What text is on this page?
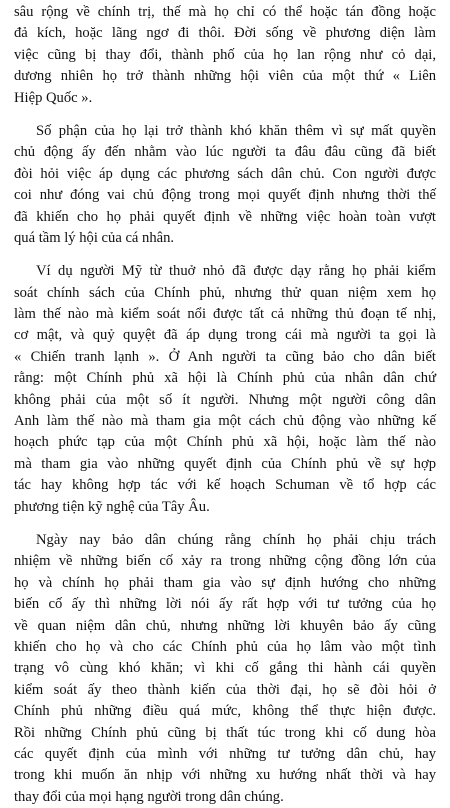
sâu rộng về chính trị, thế mà họ chỉ có thể hoặc tán đồng hoặc
đả kích, hoặc lãng ngơ đi thôi. Đời sống về phương diện làm
việc cũng bị thay đổi, thành phố của họ lan rộng như cỏ dại,
dương nhiên họ trở thành những hội viên của một thứ « Liên
Hiệp Quốc ».
Số phận của họ lại trở thành khó khăn thêm vì sự mất quyền
chủ động ấy đến nhằm vào lúc người ta đâu đâu cũng đã biết
đòi hỏi việc áp dụng các phương sách dân chủ. Con người được
coi như đóng vai chủ động trong mọi quyết định nhưng thời thế
đã khiến cho họ phải quyết định về những việc hoàn toàn vượt
quá tầm lý hội của cá nhân.
Ví dụ người Mỹ từ thuở nhỏ đã được dạy rằng họ phải kiểm
soát chính sách của Chính phủ, nhưng thử quan niệm xem họ
làm thế nào mà kiểm soát nổi được tất cả những thủ đoạn tế nhị,
cơ mật, và quỷ quyệt đã áp dụng trong cái mà người ta gọi là
« Chiến tranh lạnh ». Ở Anh người ta cũng bảo cho dân biết
rằng: một Chính phủ xã hội là Chính phủ của nhân dân chứ
không phải của một số ít người. Nhưng một người công dân
Anh làm thế nào mà tham gia một cách chủ động vào những kế
hoạch phức tạp của một Chính phủ xã hội, hoặc làm thế nào
mà tham gia vào những quyết định của Chính phủ về sự hợp
tác hay không hợp tác với kế hoạch Schuman về tổ hợp các
phương tiện kỹ nghệ của Tây Âu.
Ngày nay bảo dân chúng rằng chính họ phải chịu trách
nhiệm về những biến cố xảy ra trong những cộng đồng lớn của
họ và chính họ phải tham gia vào sự định hướng cho những
biến cố ấy thì những lời nói ấy rất hợp với tư tưởng của họ
về quan niệm dân chủ, nhưng những lời khuyên bảo ấy cũng
khiến cho họ và cho các Chính phủ của họ lâm vào một tình
trạng vô cùng khó khăn; vì khi cố gắng thi hành cái quyền
kiểm soát ấy theo thành kiến của thời đại, họ sẽ đòi hỏi ở
Chính phủ những điều quá mức, không thể thực hiện được.
Rồi những Chính phủ cũng bị thất túc trong khi cố dung hòa
các quyết định của mình với những tư tưởng dân chủ, hay
trong khi muốn ăn nhịp với những xu hướng nhất thời và hay
thay đổi của mọi hạng người trong dân chúng.
